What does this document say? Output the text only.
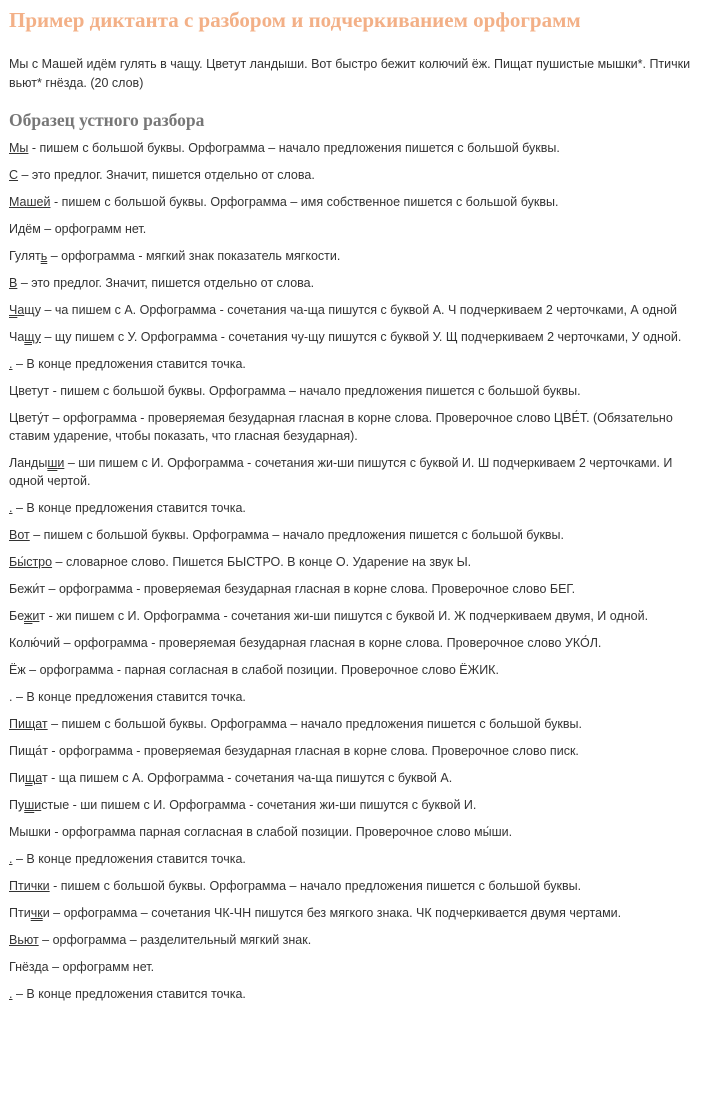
Пример диктанта с разбором и подчеркиванием орфограмм

Мы с Машей идём гулять в чащу. Цветут ландыши. Вот быстро бежит колючий ёж. Пищат пушистые мышки*. Птички вьют* гнёзда. (20 слов)

Образец устного разбора

Мы - пишем с большой буквы. Орфограмма – начало предложения пишется с большой буквы.

С – это предлог. Значит, пишется отдельно от слова.

Машей - пишем с большой буквы. Орфограмма – имя собственное пишется с большой буквы.

Идём – орфограмм нет.

Гулять – орфограмма - мягкий знак показатель мягкости.

В – это предлог. Значит, пишется отдельно от слова.

Чащу – ча пишем с А. Орфограмма - сочетания ча-ща пишутся с буквой А. Ч подчеркиваем 2 черточками, А одной

Чащу – щу пишем с У. Орфограмма - сочетания чу-щу пишутся с буквой У. Щ подчеркиваем 2 черточками, У одной.

. – В конце предложения ставится точка.

Цветут - пишем с большой буквы. Орфограмма – начало предложения пишется с большой буквы.

Цвету́т – орфограмма - проверяемая безударная гласная в корне слова. Проверочное слово ЦВЕ́Т. (Обязательно ставим ударение, чтобы показать, что гласная безударная).

Ландыши – ши пишем с И. Орфограмма - сочетания жи-ши пишутся с буквой И. Ш подчеркиваем 2 черточками. И одной чертой.

. – В конце предложения ставится точка.

Вот – пишем с большой буквы. Орфограмма – начало предложения пишется с большой буквы.

Бы́стро – словарное слово. Пишется БЫСТРО. В конце О. Ударение на звук Ы.

Бежи́т – орфограмма - проверяемая безударная гласная в корне слова. Проверочное слово БЕГ.

Бежит - жи пишем с И. Орфограмма - сочетания жи-ши пишутся с буквой И. Ж подчеркиваем двумя, И одной.

Колю́чий – орфограмма - проверяемая безударная гласная в корне слова. Проверочное слово УКО́Л.

Ёж – орфограмма - парная согласная в слабой позиции. Проверочное слово ЁЖИК.

. – В конце предложения ставится точка.

Пищат – пишем с большой буквы. Орфограмма – начало предложения пишется с большой буквы.

Пища́т - орфограмма - проверяемая безударная гласная в корне слова. Проверочное слово писк.

Пищат - ща пишем с А. Орфограмма - сочетания ча-ща пишутся с буквой А.

Пушистые - ши пишем с И. Орфограмма - сочетания жи-ши пишутся с буквой И.

Мышки - орфограмма парная согласная в слабой позиции. Проверочное слово мы́ши.

. – В конце предложения ставится точка.

Птички - пишем с большой буквы. Орфограмма – начало предложения пишется с большой буквы.

Птички – орфограмма – сочетания ЧК-ЧН пишутся без мягкого знака. ЧК подчеркивается двумя чертами.

Вьют – орфограмма – разделительный мягкий знак.

Гнёзда – орфограмм нет.

. – В конце предложения ставится точка.
